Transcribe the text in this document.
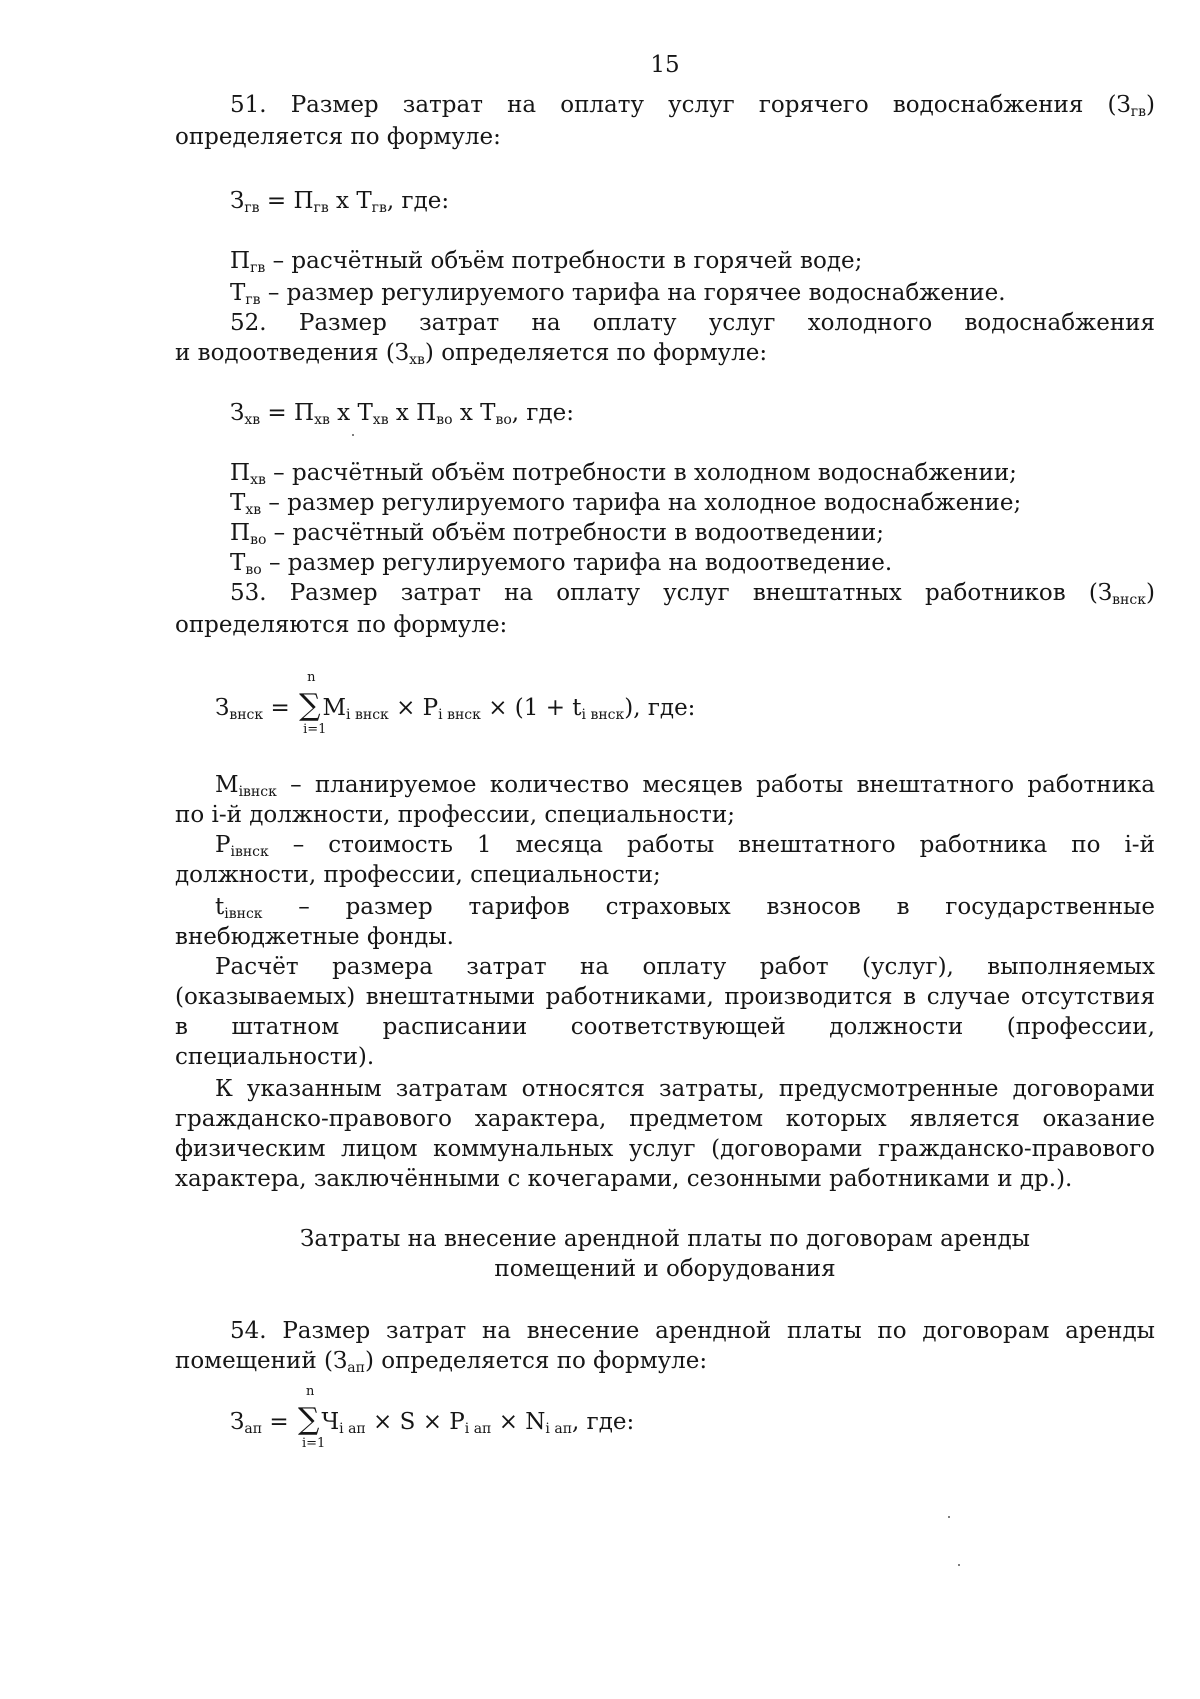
15
51. Размер затрат на оплату услуг горячего водоснабжения $(З_{гв})$
определяется по формуле:
$З_{гв} = П_{гв}$ х $Т_{гв}$, где:
$П_{гв}$ – расчётный объём потребности в горячей воде;
$Т_{гв}$ – размер регулируемого тарифа на горячее водоснабжение.
52. Размер затрат на оплату услуг холодного водоснабжения
и водоотведения $(З_{хв})$ определяется по формуле:
$З_{хв} = П_{хв}$ х $Т_{хв}$ х $П_{во}$ х $Т_{во}$, где:
$П_{хв}$ – расчётный объём потребности в холодном водоснабжении;
$Т_{хв}$ – размер регулируемого тарифа на холодное водоснабжение;
$П_{во}$ – расчётный объём потребности в водоотведении;
$Т_{во}$ – размер регулируемого тарифа на водоотведение.
53. Размер затрат на оплату услуг внештатных работников $(З_{внск})$
определяются по формуле:
$З_{внск}$ = ∑
n
i=1
$M_{i внск} \times P_{i внск} \times (1 + t_{i внск})$, где:
$M_{iвнск}$ – планируемое количество месяцев работы внештатного работника
по i-й должности, профессии, специальности;
$P_{iвнск}$ – стоимость 1 месяца работы внештатного работника по i-й
должности, профессии, специальности;
$t_{iвнск}$ – размер тарифов страховых взносов в государственные
внебюджетные фонды.
Расчёт размера затрат на оплату работ (услуг), выполняемых
(оказываемых) внештатными работниками, производится в случае отсутствия
в штатном расписании соответствующей должности (профессии,
специальности).
К указанным затратам относятся затраты, предусмотренные договорами
гражданско-правового характера, предметом которых является оказание
физическим лицом коммунальных услуг (договорами гражданско-правового
характера, заключёнными с кочегарами, сезонными работниками и др.).
Затраты на внесение арендной платы по договорам аренды
помещений и оборудования
54. Размер затрат на внесение арендной платы по договорам аренды
помещений $(З_{ап})$ определяется по формуле:
$З_{ап}$ = ∑
n
i=1
$Ч_{i ап} \times S \times P_{i ап} \times N_{i ап}$, где:
